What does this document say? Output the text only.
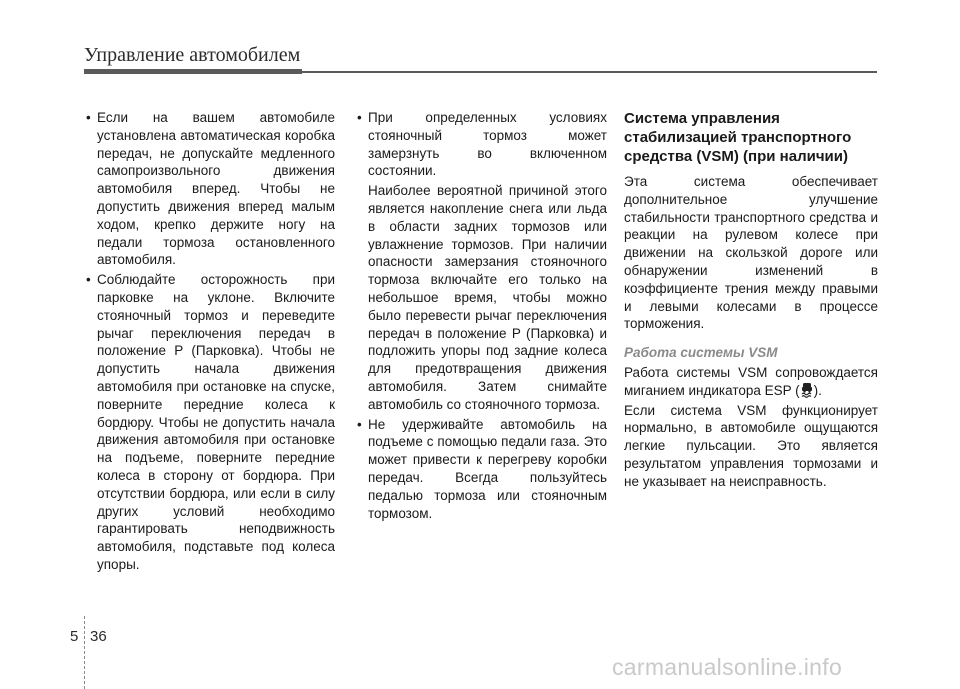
Управление автомобилем
• Если на вашем автомобиле установлена автоматическая коробка передач, не допускайте медленного самопроизвольного движения автомобиля вперед. Чтобы не допустить движения вперед малым ходом, крепко держите ногу на педали тормоза остановленного автомобиля.
• Соблюдайте осторожность при парковке на уклоне. Включите стояночный тормоз и переведите рычаг переключения передач в положение P (Парковка). Чтобы не допустить начала движения автомобиля при остановке на спуске, поверните передние колеса к бордюру. Чтобы не допустить начала движения автомобиля при остановке на подъеме, поверните передние колеса в сторону от бордюра. При отсутствии бордюра, или если в силу других условий необходимо гарантировать неподвижность автомобиля, подставьте под колеса упоры.
• При определенных условиях стояночный тормоз может замерзнуть во включенном состоянии.

Наиболее вероятной причиной этого является накопление снега или льда в области задних тормозов или увлажнение тормозов. При наличии опасности замерзания стояночного тормоза включайте его только на небольшое время, чтобы можно было перевести рычаг переключения передач в положение P (Парковка) и подложить упоры под задние колеса для предотвращения движения автомобиля. Затем снимайте автомобиль со стояночного тормоза.

• Не удерживайте автомобиль на подъеме с помощью педали газа. Это может привести к перегреву коробки передач. Всегда пользуйтесь педалью тормоза или стояночным тормозом.
Система управления стабилизацией транспортного средства (VSM) (при наличии)

Эта система обеспечивает дополнительное улучшение стабильности транспортного средства и реакции на рулевом колесе при движении на скользкой дороге или обнаружении изменений в коэффициенте трения между правыми и левыми колесами в процессе торможения.

Работа системы VSM

Работа системы VSM сопровождается миганием индикатора ESP ( ).

Если система VSM функционирует нормально, в автомобиле ощущаются легкие пульсации. Это является результатом управления тормозами и не указывает на неисправность.

5 36
carmanualsonline.info
